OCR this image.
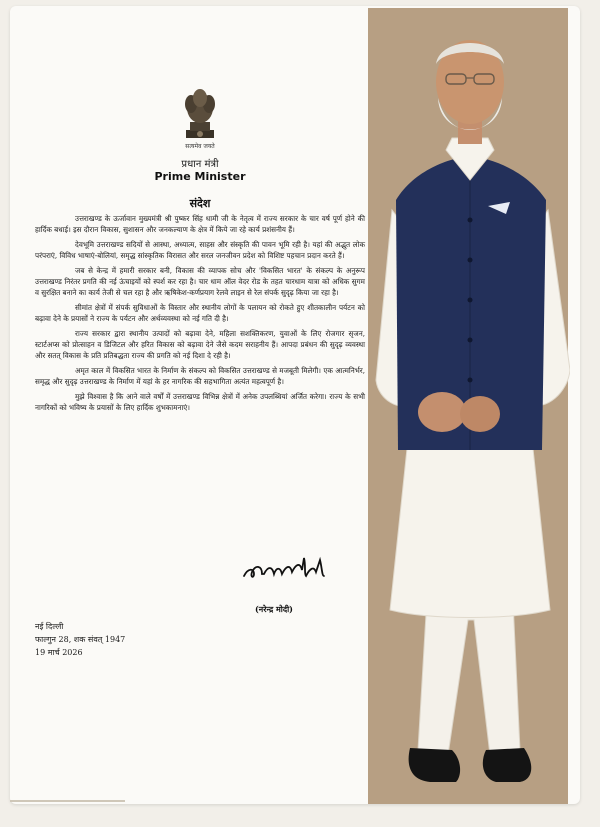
सत्यमेव जयते
प्रधान मंत्री
Prime Minister
संदेश

उत्तराखण्ड के ऊर्जावान मुख्यमंत्री श्री पुष्कर सिंह धामी जी के नेतृत्व में राज्य सरकार के चार वर्ष पूर्ण होने की हार्दिक बधाई। इस दौरान विकास, सुशासन और जनकल्याण के क्षेत्र में किये जा रहे कार्य प्रशंसनीय हैं।

देवभूमि उत्तराखण्ड सदियों से आस्था, अध्यात्म, साहस और संस्कृति की पावन भूमि रही है। यहां की अद्भुत लोक परंपराएं, विविध भाषाएं-बोलियां, समृद्ध सांस्कृतिक विरासत और सरल जनजीवन प्रदेश को विशिष्ट पहचान प्रदान करते हैं।

जब से केन्द्र में हमारी सरकार बनी, विकास की व्यापक सोच और 'विकसित भारत' के संकल्प के अनुरूप उत्तराखण्ड निरंतर प्रगति की नई ऊंचाइयों को स्पर्श कर रहा है। चार धाम ऑल वेदर रोड के तहत चारधाम यात्रा को अधिक सुगम व सुरक्षित बनाने का कार्य तेजी से चल रहा है और ऋषिकेश-कर्णप्रयाग रेलवे लाइन से रेल संपर्क सुदृढ़ किया जा रहा है।

सीमांत क्षेत्रों में संपर्क सुविधाओं के विस्तार और स्थानीय लोगों के पलायन को रोकते हुए शीतकालीन पर्यटन को बढ़ावा देने के प्रयासों ने राज्य के पर्यटन और अर्थव्यवस्था को नई गति दी है।

राज्य सरकार द्वारा स्थानीय उत्पादों को बढ़ावा देने, महिला सशक्तिकरण, युवाओं के लिए रोजगार सृजन, स्टार्टअप्स को प्रोत्साहन व डिजिटल और हरित विकास को बढ़ावा देने जैसे कदम सराहनीय हैं। आपदा प्रबंधन की सुदृढ़ व्यवस्था और सतत् विकास के प्रति प्रतिबद्धता राज्य की प्रगति को नई दिशा दे रही है।

अमृत काल में विकसित भारत के निर्माण के संकल्प को विकसित उत्तराखण्ड से मजबूती मिलेगी। एक आत्मनिर्भर, समृद्ध और सुदृढ़ उत्तराखण्ड के निर्माण में यहां के हर नागरिक की सहभागिता अत्यंत महत्वपूर्ण है।

मुझे विश्वास है कि आने वाले वर्षों में उत्तराखण्ड विभिन्न क्षेत्रों में अनेक उपलब्धियां अर्जित करेगा। राज्य के सभी नागरिकों को भविष्य के प्रयासों के लिए हार्दिक शुभकामनाएं।

(नरेन्द्र मोदी)
नई दिल्ली
फाल्गुन 28, शक संवत् 1947
19 मार्च 2026
